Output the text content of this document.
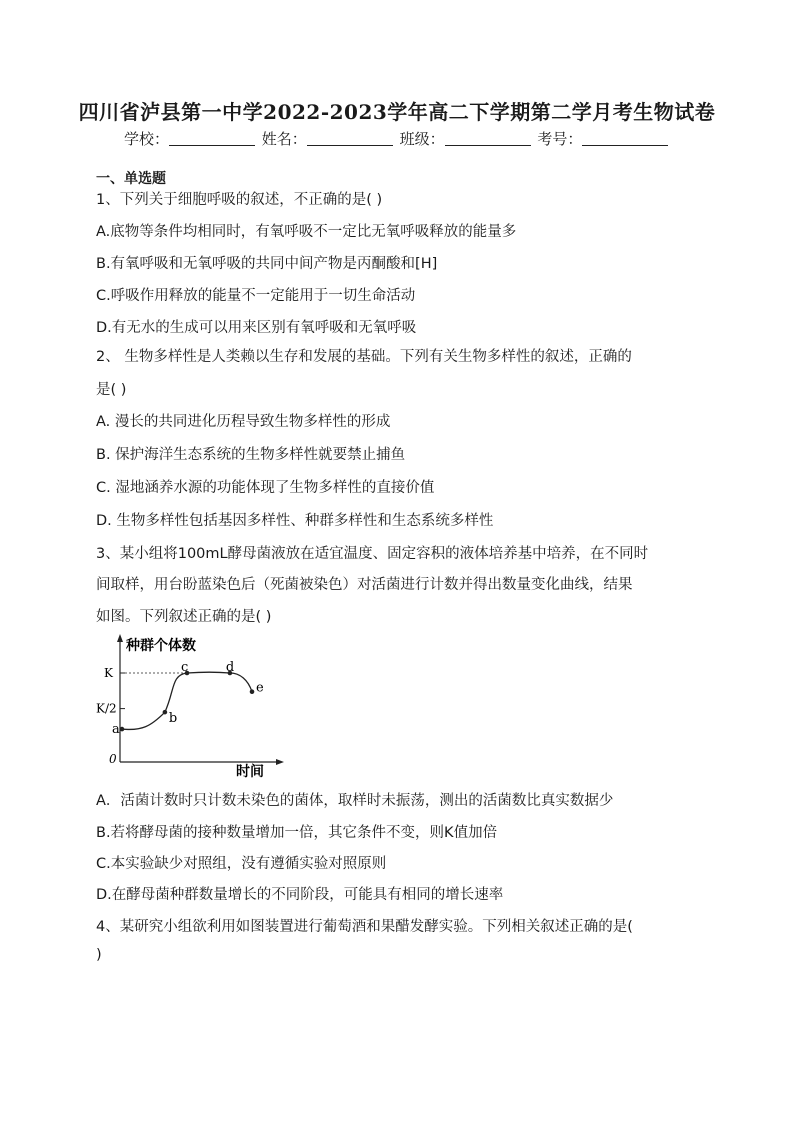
四川省泸县第一中学2022-2023学年高二下学期第二学月考生物试卷
学校：	姓名：	班级：	考号：
一、单选题
1、下列关于细胞呼吸的叙述，不正确的是( )
A.底物等条件均相同时，有氧呼吸不一定比无氧呼吸释放的能量多
B.有氧呼吸和无氧呼吸的共同中间产物是丙酮酸和[H]
C.呼吸作用释放的能量不一定能用于一切生命活动
D.有无水的生成可以用来区别有氧呼吸和无氧呼吸
2、 生物多样性是人类赖以生存和发展的基础。下列有关生物多样性的叙述，正确的
是( )
A. 漫长的共同进化历程导致生物多样性的形成
B. 保护海洋生态系统的生物多样性就要禁止捕鱼
C. 湿地涵养水源的功能体现了生物多样性的直接价值
D. 生物多样性包括基因多样性、种群多样性和生态系统多样性
3、某小组将100mL酵母菌液放在适宜温度、固定容积的液体培养基中培养，在不同时
间取样，用台盼蓝染色后（死菌被染色）对活菌进行计数并得出数量变化曲线，结果
如图。下列叙述正确的是( )
种群个体数
时间
0
K
K/2
a
b
c	d
e
A．活菌计数时只计数未染色的菌体，取样时未振荡，测出的活菌数比真实数据少
B.若将酵母菌的接种数量增加一倍，其它条件不变，则K值加倍
C.本实验缺少对照组，没有遵循实验对照原则
D.在酵母菌种群数量增长的不同阶段，可能具有相同的增长速率
4、某研究小组欲利用如图装置进行葡萄酒和果醋发酵实验。下列相关叙述正确的是(
)
